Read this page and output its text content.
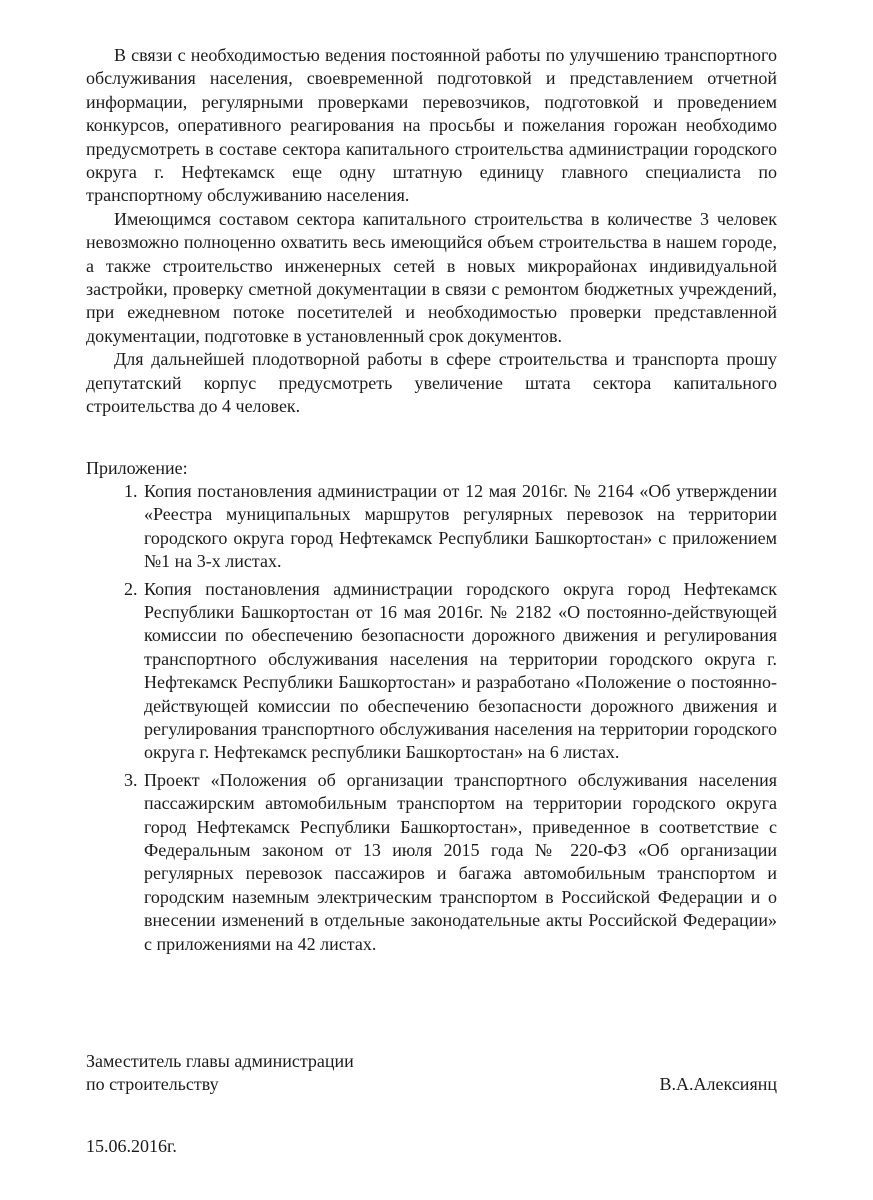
В связи с необходимостью ведения постоянной работы по улучшению транспортного обслуживания населения, своевременной подготовкой и представлением отчетной информации, регулярными проверками перевозчиков, подготовкой и проведением конкурсов, оперативного реагирования на просьбы и пожелания горожан необходимо предусмотреть в составе сектора капитального строительства администрации городского округа г. Нефтекамск еще одну штатную единицу главного специалиста по транспортному обслуживанию населения.

Имеющимся составом сектора капитального строительства в количестве 3 человек невозможно полноценно охватить весь имеющийся объем строительства в нашем городе, а также строительство инженерных сетей в новых микрорайонах индивидуальной застройки, проверку сметной документации в связи с ремонтом бюджетных учреждений, при ежедневном потоке посетителей и необходимостью проверки представленной документации, подготовке в установленный срок документов.

Для дальнейшей плодотворной работы в сфере строительства и транспорта прошу депутатский корпус предусмотреть увеличение штата сектора капитального строительства до 4 человек.

Приложение:

1. Копия постановления администрации от 12 мая 2016г. № 2164 «Об утверждении «Реестра муниципальных маршрутов регулярных перевозок на территории городского округа город Нефтекамск Республики Башкортостан» с приложением №1 на 3-х листах.
2. Копия постановления администрации городского округа город Нефтекамск Республики Башкортостан от 16 мая 2016г. № 2182 «О постоянно-действующей комиссии по обеспечению безопасности дорожного движения и регулирования транспортного обслуживания населения на территории городского округа г. Нефтекамск Республики Башкортостан» и разработано «Положение о постоянно-действующей комиссии по обеспечению безопасности дорожного движения и регулирования транспортного обслуживания населения на территории городского округа г. Нефтекамск республики Башкортостан» на 6 листах.
3. Проект «Положения об организации транспортного обслуживания населения пассажирским автомобильным транспортом на территории городского округа город Нефтекамск Республики Башкортостан», приведенное в соответствие с Федеральным законом от 13 июля 2015 года № 220-ФЗ «Об организации регулярных перевозок пассажиров и багажа автомобильным транспортом и городским наземным электрическим транспортом в Российской Федерации и о внесении изменений в отдельные законодательные акты Российской Федерации» с приложениями на 42 листах.
Заместитель главы администрации
по строительству	В.А.Алексиянц

15.06.2016г.
